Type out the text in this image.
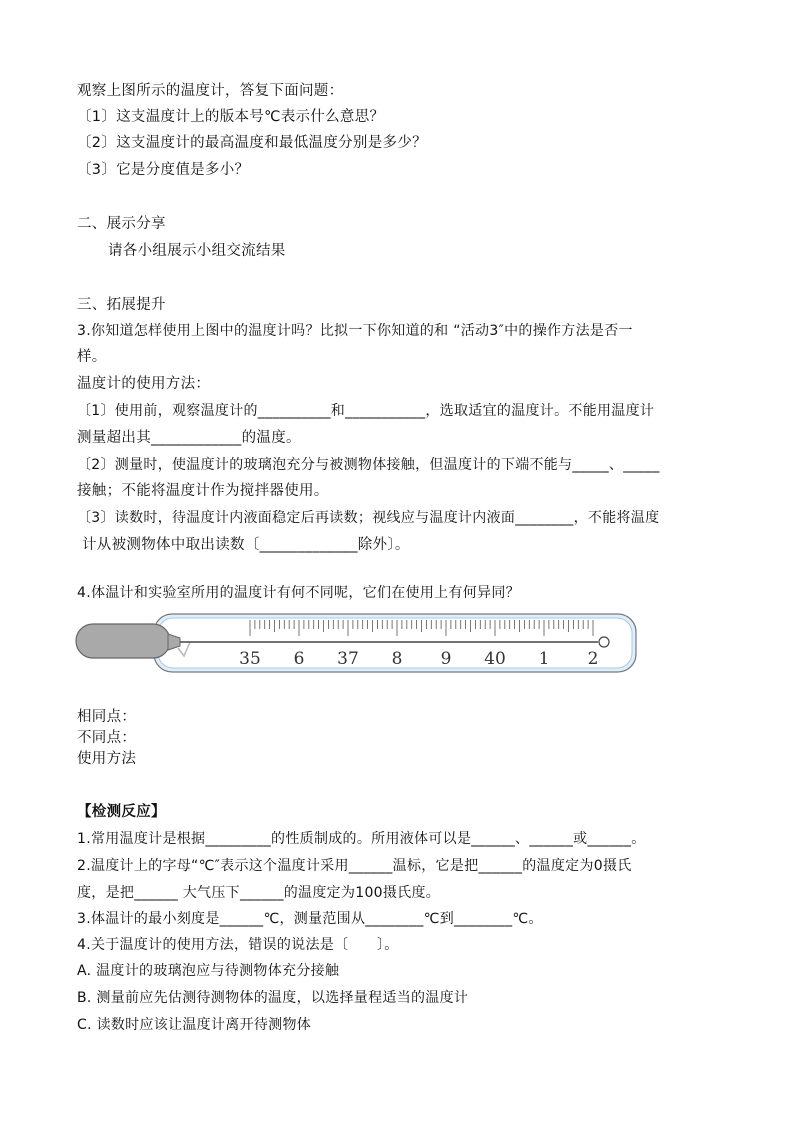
观察上图所示的温度计，答复下面问题：
〔1〕这支温度计上的版本号℃表示什么意思？
〔2〕这支温度计的最高温度和最低温度分别是多少？
〔3〕它是分度值是多小？
二、展示分享
请各小组展示小组交流结果
三、拓展提升
3.你知道怎样使用上图中的温度计吗？比拟一下你知道的和 “活动3″中的操作方法是否一
样。
温度计的使用方法：
〔1〕使用前，观察温度计的__________和___________，选取适宜的温度计。不能用温度计
测量超出其____________的温度。
〔2〕测量时，使温度计的玻璃泡充分与被测物体接触，但温度计的下端不能与_____、_____
接触；不能将温度计作为搅拌器使用。
〔3〕读数时，待温度计内液面稳定后再读数；视线应与温度计内液面________，不能将温度
计从被测物体中取出读数〔_____________除外〕。
4.体温计和实验室所用的温度计有何不同呢，它们在使用上有何异同？
35 6 37 8 9 40 1 2
相同点：
不同点：
使用方法
【检测反应】
1.常用温度计是根据_________的性质制成的。所用液体可以是______、______或______。
2.温度计上的字母“℃″表示这个温度计采用______温标，它是把______的温度定为0摄氏
度，是把______ 大气压下______的温度定为100摄氏度。
3.体温计的最小刻度是______℃，测量范围从________℃到________℃。
4.关于温度计的使用方法，错误的说法是〔　　〕。
A. 温度计的玻璃泡应与待测物体充分接触
B. 测量前应先估测待测物体的温度，以选择量程适当的温度计
C. 读数时应该让温度计离开待测物体
